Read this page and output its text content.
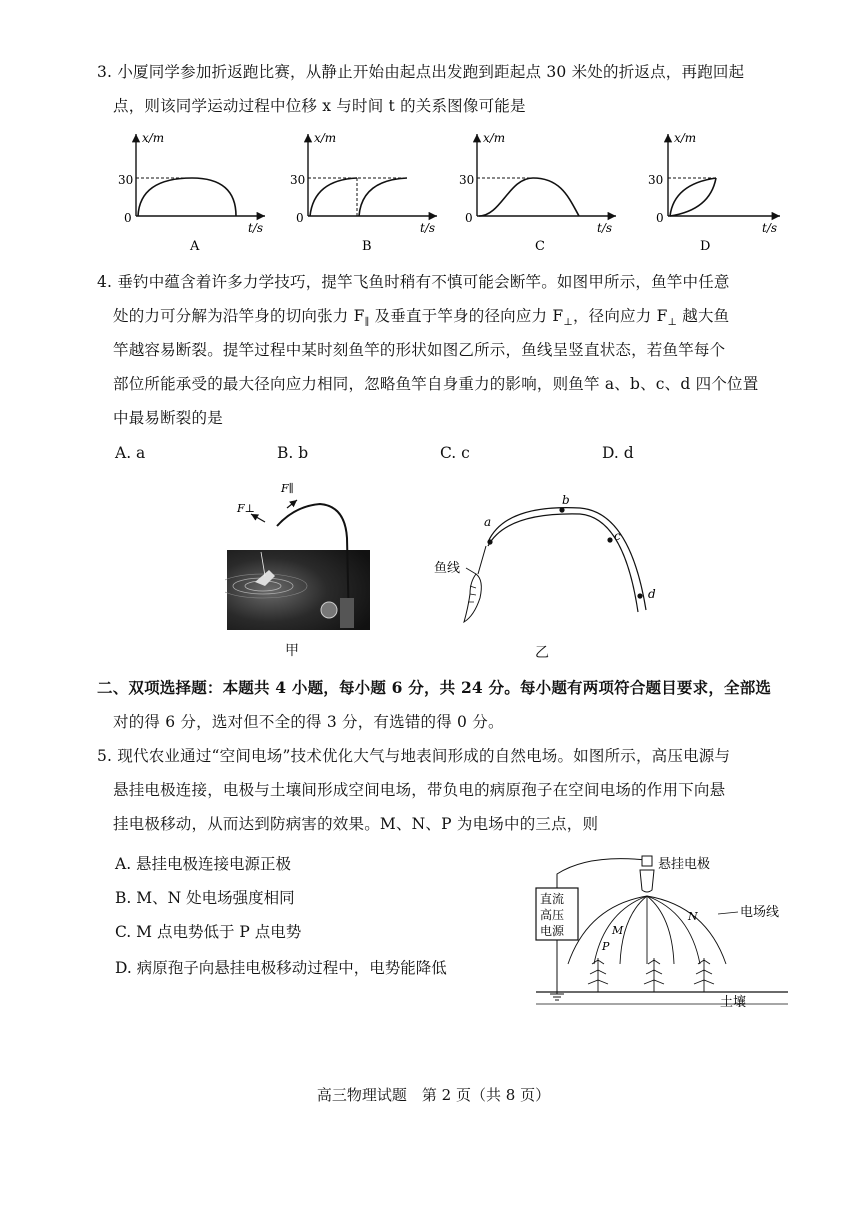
3. 小厦同学参加折返跑比赛，从静止开始由起点出发跑到距起点 30 米处的折返点，再跑回起
点，则该同学运动过程中位移 x 与时间 t 的关系图像可能是
x/m
t/s
30
0
A
x/m
t/s
30
0
B
x/m
t/s
30
0
C
x/m
t/s
30
0
D
4. 垂钓中蕴含着许多力学技巧，提竿飞鱼时稍有不慎可能会断竿。如图甲所示，鱼竿中任意
处的力可分解为沿竿身的切向张力 $F_\parallel$ 及垂直于竿身的径向应力 $F_\perp$，径向应力 $F_\perp$ 越大鱼
竿越容易断裂。提竿过程中某时刻鱼竿的形状如图乙所示，鱼线呈竖直状态，若鱼竿每个
部位所能承受的最大径向应力相同，忽略鱼竿自身重力的影响，则鱼竿 a、b、c、d 四个位置
中最易断裂的是
A. a	B. b	C. c	D. d
F⊥
F∥
甲
a
b
c
d
鱼线
乙
二、双项选择题：本题共 4 小题，每小题 6 分，共 24 分。每小题有两项符合题目要求，全部选
对的得 6 分，选对但不全的得 3 分，有选错的得 0 分。
5. 现代农业通过“空间电场”技术优化大气与地表间形成的自然电场。如图所示，高压电源与
悬挂电极连接，电极与土壤间形成空间电场，带负电的病原孢子在空间电场的作用下向悬
挂电极移动，从而达到防病害的效果。M、N、P 为电场中的三点，则
A. 悬挂电极连接电源正极
B. M、N 处电场强度相同
C. M 点电势低于 P 点电势
D. 病原孢子向悬挂电极移动过程中，电势能降低
直流
高压
电源
悬挂电极
M
P
N	电场线
土壤
高三物理试题　第 2 页（共 8 页）
